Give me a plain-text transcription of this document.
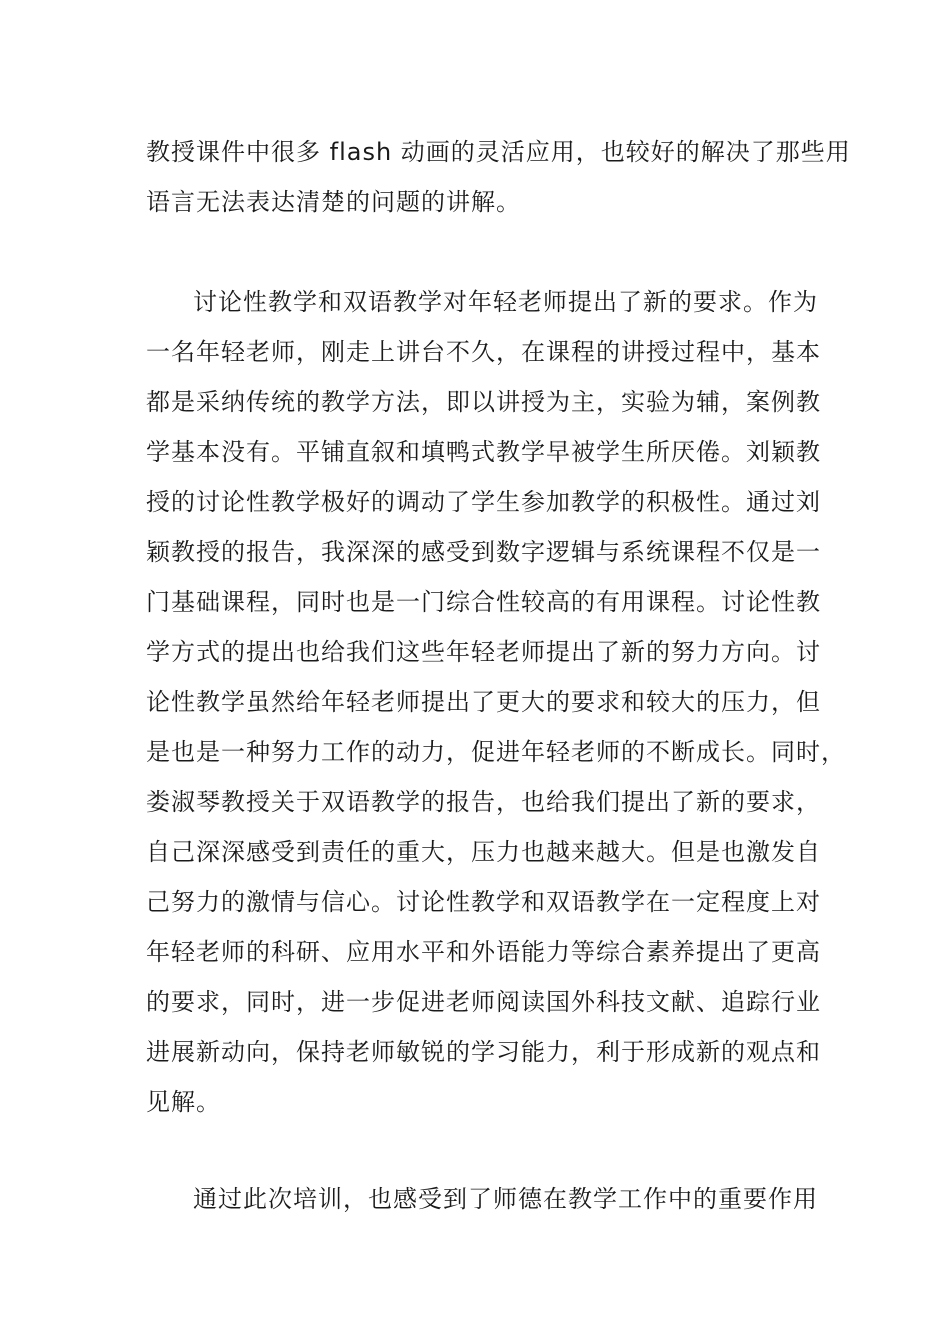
教授课件中很多 flash 动画的灵活应用，也较好的解决了那些用
语言无法表达清楚的问题的讲解。
讨论性教学和双语教学对年轻老师提出了新的要求。作为
一名年轻老师，刚走上讲台不久，在课程的讲授过程中，基本
都是采纳传统的教学方法，即以讲授为主，实验为辅，案例教
学基本没有。平铺直叙和填鸭式教学早被学生所厌倦。刘颖教
授的讨论性教学极好的调动了学生参加教学的积极性。通过刘
颖教授的报告，我深深的感受到数字逻辑与系统课程不仅是一
门基础课程，同时也是一门综合性较高的有用课程。讨论性教
学方式的提出也给我们这些年轻老师提出了新的努力方向。讨
论性教学虽然给年轻老师提出了更大的要求和较大的压力，但
是也是一种努力工作的动力，促进年轻老师的不断成长。同时，
娄淑琴教授关于双语教学的报告，也给我们提出了新的要求，
自己深深感受到责任的重大，压力也越来越大。但是也激发自
己努力的激情与信心。讨论性教学和双语教学在一定程度上对
年轻老师的科研、应用水平和外语能力等综合素养提出了更高
的要求，同时，进一步促进老师阅读国外科技文献、追踪行业
进展新动向，保持老师敏锐的学习能力，利于形成新的观点和
见解。
通过此次培训，也感受到了师德在教学工作中的重要作用
